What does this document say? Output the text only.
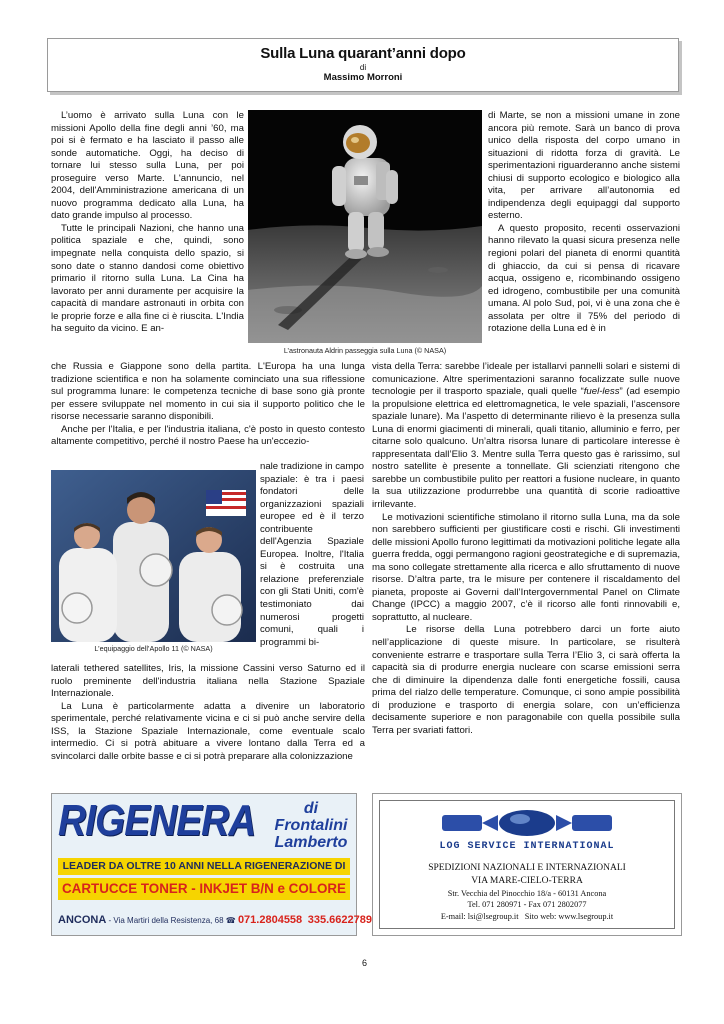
Sulla Luna quarant’anni dopo
di
Massimo Morroni

L’uomo è arrivato sulla Luna con le missioni Apollo della fine degli anni ’60, ma poi si è fermato e ha lasciato il passo alle sonde automatiche. Oggi, ha deciso di tornare lui stesso sulla Luna, per poi proseguire verso Marte. L'annuncio, nel 2004, dell'Amministrazione americana di un nuovo programma dedicato alla Luna, ha dato grande impulso al processo.

Tutte le principali Nazioni, che hanno una politica spaziale e che, quindi, sono impegnate nella conquista dello spazio, si sono date o stanno dandosi come obiettivo primario il ritorno sulla Luna. La Cina ha lavorato per anni duramente per acquisire la capacità di mandare astronauti in orbita con le proprie forze e alla fine ci è riuscita. L'India ha seguito da vicino. E an-

L’astronauta Aldrin passeggia sulla Luna (© NASA)

di Marte, se non a missioni umane in zone ancora più remote. Sarà un banco di prova unico della risposta del corpo umano in situazioni di ridotta forza di gravità. Le sperimentazioni riguarderanno anche sistemi chiusi di supporto ecologico e biologico alla vita, per arrivare all’autonomia ed indipendenza degli equipaggi dal supporto esterno.

A questo proposito, recenti osservazioni hanno rilevato la quasi sicura presenza nelle regioni polari del pianeta di enormi quantità di ghiaccio, da cui si pensa di ricavare acqua, ossigeno e, ricombinando ossigeno ed idrogeno, combustibile per una comunità umana. Al polo Sud, poi, vi è una zona che è assolata per oltre il 75% del periodo di rotazione della Luna ed è in

che Russia e Giappone sono della partita. L'Europa ha una lunga tradizione scientifica e non ha solamente cominciato una sua riflessione sul programma lunare: le competenza tecniche di base sono già pronte per essere sviluppate nel momento in cui sia il supporto politico che le risorse necessarie saranno disponibili.

Anche per l'Italia, e per l'industria italiana, c'è posto in questo contesto altamente competitivo, perché il nostro Paese ha un'eccezio-

L’equipaggio dell’Apollo 11 (© NASA)

nale tradizione in campo spaziale: è tra i paesi fondatori delle organizzazioni spaziali europee ed è il terzo contribuente dell'Agenzia Spaziale Europea. Inoltre, l'Italia si è costruita una relazione preferenziale con gli Stati Uniti, com'è testimoniato dai numerosi progetti comuni, quali i programmi bi-

laterali tethered satellites, Iris, la missione Cassini verso Saturno ed il ruolo preminente dell'industria italiana nella Stazione Spaziale Internazionale.

La Luna è particolarmente adatta a divenire un laboratorio sperimentale, perché relativamente vicina e ci si può anche servire della ISS, la Stazione Spaziale Internazionale, come eventuale scalo intermedio. Ci si potrà abituare a vivere lontano dalla Terra ed a svincolarci dalle orbite basse e ci si potrà preparare alla colonizzazione

vista della Terra: sarebbe l’ideale per istallarvi pannelli solari e sistemi di comunicazione. Altre sperimentazioni saranno focalizzate sulle nuove tecnologie per il trasporto spaziale, quali quelle “fuel-less” (ad esempio la propulsione elettrica ed elettromagnetica, le vele spaziali, l’ascensore spaziale lunare). Ma l’aspetto di determinante rilievo è la presenza sulla Luna di enormi giacimenti di minerali, quali titanio, alluminio e ferro, per citarne solo qualcuno. Un’altra risorsa lunare di particolare interesse è rappresentata dall’Elio 3. Mentre sulla Terra questo gas è rarissimo, sul nostro satellite è presente a tonnellate. Gli scienziati ritengono che sarebbe un combustibile pulito per reattori a fusione nucleare, in quanto la sua utilizzazione produrrebbe una quantità di scorie radioattive irrilevante.

Le motivazioni scientifiche stimolano il ritorno sulla Luna, ma da sole non sarebbero sufficienti per giustificare costi e rischi. Gli investimenti delle missioni Apollo furono legittimati da motivazioni politiche legate alla guerra fredda, oggi permangono ragioni geostrategiche e di supremazia, ma sono collegate strettamente alla ricerca e allo sfruttamento di nuove risorse. D’altra parte, tra le misure per contenere il riscaldamento del pianeta, proposte ai Governi dall’Intergovernmental Panel on Climate Change (IPCC) a maggio 2007, c’è il ricorso alle fonti rinnovabili e, soprattutto, al nucleare.

Le risorse della Luna potrebbero darci un forte aiuto nell’applicazione di queste misure. In particolare, se risulterà conveniente estrarre e trasportare sulla Terra l’Elio 3, ci sarà offerta la capacità sia di produrre energia nucleare con scarse emissioni serra che di diminuire la dipendenza dalle fonti energetiche fossili, causa prima del rialzo delle temperature. Comunque, ci sono ampie possibilità di produzione e trasporto di energia solare, con un’efficienza decisamente superiore e non paragonabile con quella possibile sulla Terra per svariati fattori.

RIGENERA	di Frontalini
Lamberto
LEADER DA OLTRE 10 ANNI NELLA RIGENERAZIONE DI
CARTUCCE TONER - INKJET B/N e COLORE
ANCONA - Via Martiri della Resistenza, 68 ☎ 071.2804558 335.6622789
LOG SERVICE INTERNATIONAL
SPEDIZIONI NAZIONALI E INTERNAZIONALI
VIA MARE-CIELO-TERRA
Str. Vecchia del Pinocchio 18/a - 60131 Ancona
Tel. 071 280971 - Fax 071 2802077
E-mail: lsi@lsegroup.it   Sito web: www.lsegroup.it
6
